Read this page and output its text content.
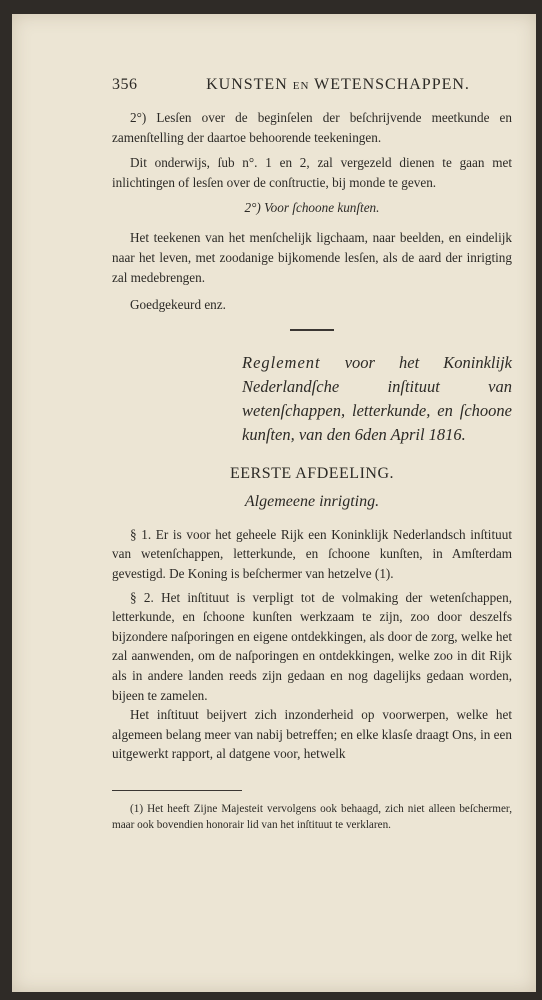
356	KUNSTEN EN WETENSCHAPPEN.

2°) Lesſen over de beginſelen der beſchrijvende meetkunde en zamenſtelling der daartoe behoorende teekeningen.

Dit onderwijs, ſub n°. 1 en 2, zal vergezeld dienen te gaan met inlichtingen of lesſen over de conſtructie, bij monde te geven.

2°) Voor ſchoone kunſten.

Het teekenen van het menſchelijk ligchaam, naar beelden, en eindelijk naar het leven, met zoodanige bijkomende lesſen, als de aard der inrigting zal medebrengen.

Goedgekeurd enz.

Reglement voor het Koninklijk Nederlandſche inſtituut van wetenſchappen, letterkunde, en ſchoone kunſten, van den 6den April 1816.
EERSTE AFDEELING.
Algemeene inrigting.

§ 1. Er is voor het geheele Rijk een Koninklijk Nederlandsch inſtituut van wetenſchappen, letterkunde, en ſchoone kunſten, in Amſterdam gevestigd. De Koning is beſchermer van hetzelve (1).

§ 2. Het inſtituut is verpligt tot de volmaking der wetenſchappen, letterkunde, en ſchoone kunſten werkzaam te zijn, zoo door deszelfs bijzondere naſporingen en eigene ontdekkingen, als door de zorg, welke het zal aanwenden, om de naſporingen en ontdekkingen, welke zoo in dit Rijk als in andere landen reeds zijn gedaan en nog dagelijks gedaan worden, bijeen te zamelen.

Het inſtituut beijvert zich inzonderheid op voorwerpen, welke het algemeen belang meer van nabij betreffen; en elke klasſe draagt Ons, in een uitgewerkt rapport, al datgene voor, hetwelk

(1) Het heeft Zijne Majesteit vervolgens ook behaagd, zich niet alleen beſchermer, maar ook bovendien honorair lid van het inſtituut te verklaren.
